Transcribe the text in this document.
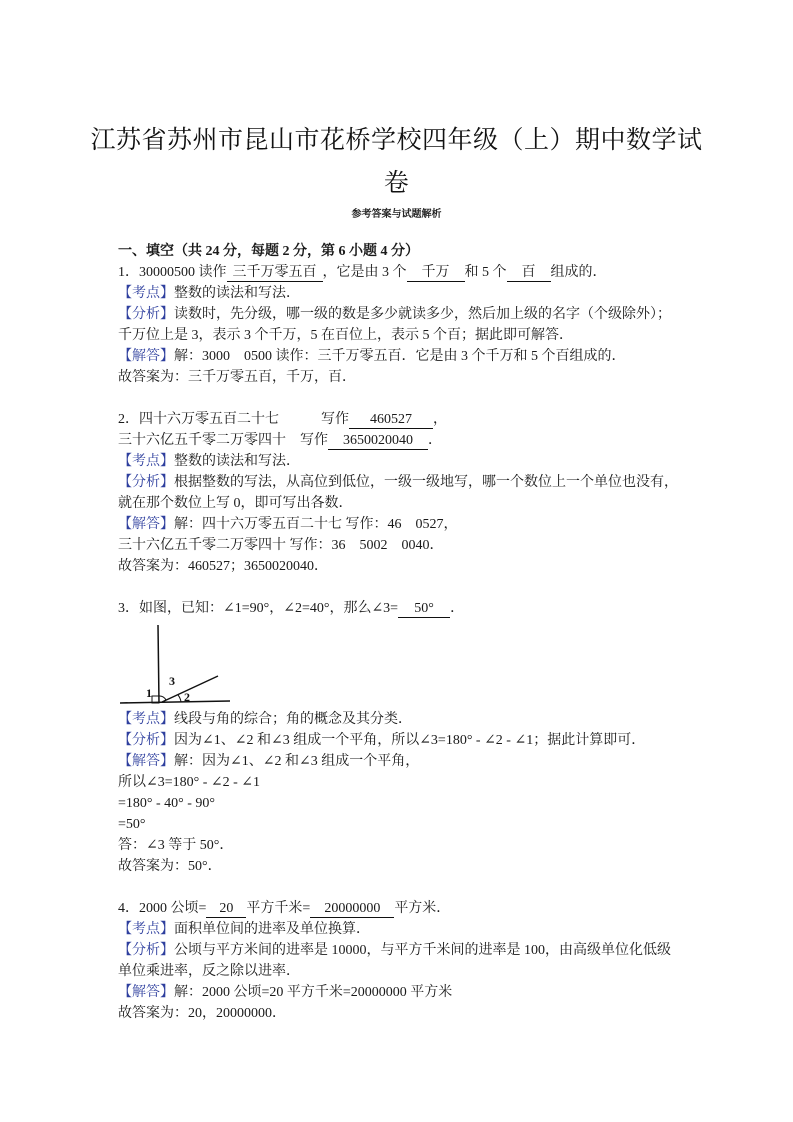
江苏省苏州市昆山市花桥学校四年级（上）期中数学试
卷
参考答案与试题解析
一、填空（共 24 分，每题 2 分，第 6 小题 4 分）
1．30000500 读作 三千万零五百 ，它是由 3 个 千万 和 5 个 百 组成的．
【考点】整数的读法和写法．
【分析】读数时，先分级，哪一级的数是多少就读多少，然后加上级的名字（个级除外）；
千万位上是 3，表示 3 个千万，5 在百位上，表示 5 个百；据此即可解答．
【解答】解：3000　0500 读作：三千万零五百．它是由 3 个千万和 5 个百组成的．
故答案为：三千万零五百，千万，百．
2．四十六万零五百二十七　　　写作 460527 ，
三十六亿五千零二万零四十　写作 3650020040 ．
【考点】整数的读法和写法．
【分析】根据整数的写法，从高位到低位，一级一级地写，哪一个数位上一个单位也没有，
就在那个数位上写 0，即可写出各数．
【解答】解：四十六万零五百二十七 写作：46　0527，
三十六亿五千零二万零四十 写作：36　5002　0040．
故答案为：460527；3650020040．
3．如图，已知：∠1=90°，∠2=40°，那么∠3= 50° ．
1
3
2
【考点】线段与角的综合；角的概念及其分类．
【分析】因为∠1、∠2 和∠3 组成一个平角，所以∠3=180° - ∠2 - ∠1；据此计算即可．
【解答】解：因为∠1、∠2 和∠3 组成一个平角，
所以∠3=180° - ∠2 - ∠1
=180° - 40° - 90°
=50°
答：∠3 等于 50°．
故答案为：50°．
4．2000 公顷= 20 平方千米= 20000000 平方米．
【考点】面积单位间的进率及单位换算．
【分析】公顷与平方米间的进率是 10000，与平方千米间的进率是 100，由高级单位化低级
单位乘进率，反之除以进率．
【解答】解：2000 公顷=20 平方千米=20000000 平方米
故答案为：20，20000000．
